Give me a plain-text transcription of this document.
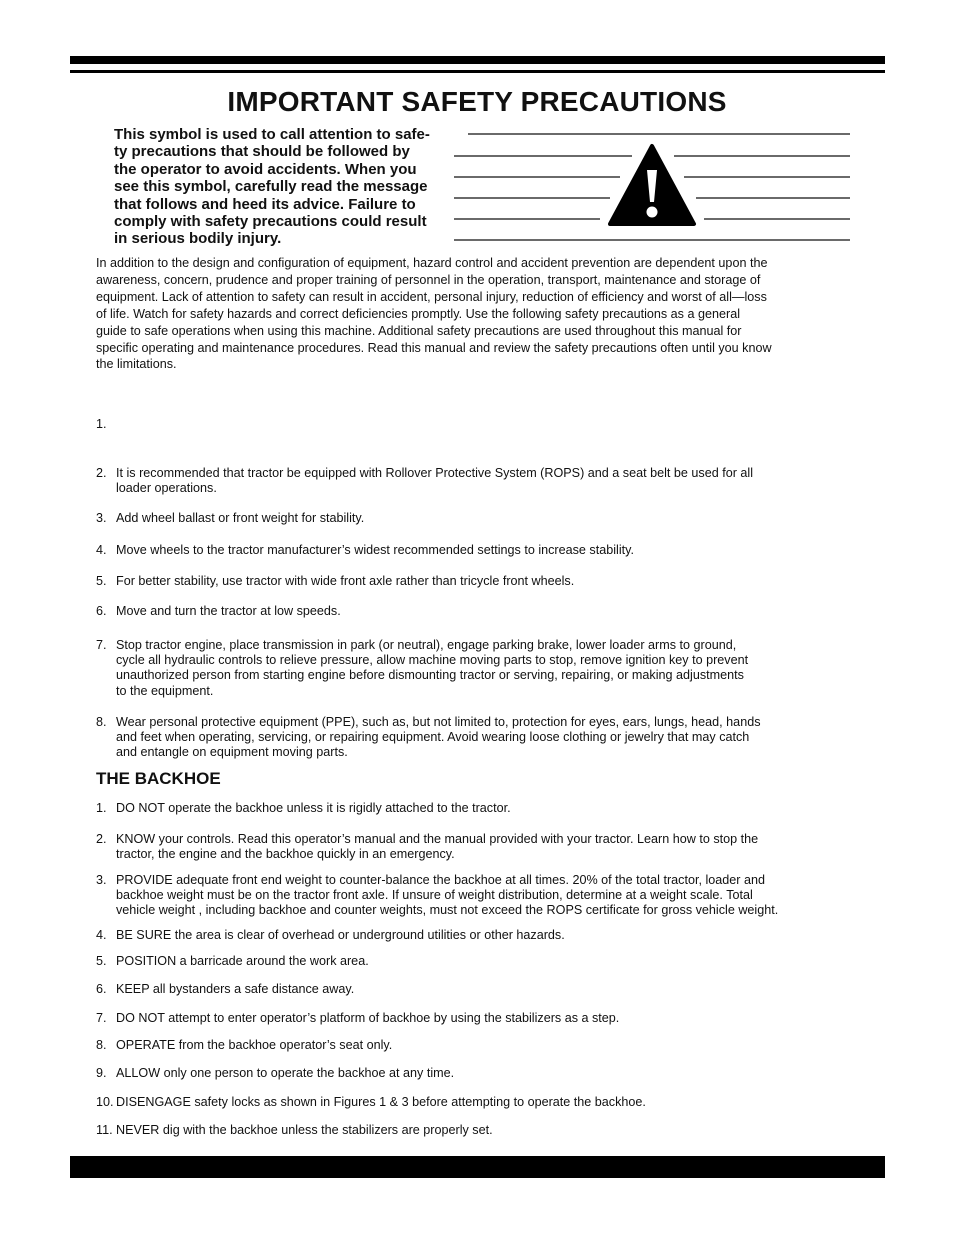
IMPORTANT SAFETY PRECAUTIONS
This symbol is used to call attention to safe-
ty precautions that should be followed by
the operator to avoid accidents. When you
see this symbol, carefully read the message
that follows and heed its advice. Failure to
comply with safety precautions could result
in serious bodily injury.
In addition to the design and configuration of equipment, hazard control and accident prevention are dependent upon the
awareness, concern, prudence and proper training of personnel in the operation, transport, maintenance and storage of
equipment. Lack of attention to safety can result in accident, personal injury, reduction of efficiency and worst of all—loss
of life. Watch for safety hazards and correct deficiencies promptly. Use the following safety precautions as a general
guide to safe operations when using this machine. Additional safety precautions are used throughout this manual for
specific operating and maintenance procedures. Read this manual and review the safety precautions often until you know
the limitations.
1.
2. It is recommended that tractor be equipped with Rollover Protective System (ROPS) and a seat belt be used for all
loader operations.
3. Add wheel ballast or front weight for stability.
4. Move wheels to the tractor manufacturer’s widest recommended settings to increase stability.
5. For better stability, use tractor with wide front axle rather than tricycle front wheels.
6. Move and turn the tractor at low speeds.
7. Stop tractor engine, place transmission in park (or neutral), engage parking brake, lower loader arms to ground,
cycle all hydraulic controls to relieve pressure, allow machine moving parts to stop, remove ignition key to prevent
unauthorized person from starting engine before dismounting tractor or serving, repairing, or making adjustments
to the equipment.
8. Wear personal protective equipment (PPE), such as, but not limited to, protection for eyes, ears, lungs, head, hands
and feet when operating, servicing, or repairing equipment. Avoid wearing loose clothing or jewelry that may catch
and entangle on equipment moving parts.
THE BACKHOE
1. DO NOT operate the backhoe unless it is rigidly attached to the tractor.
2. KNOW your controls. Read this operator’s manual and the manual provided with your tractor. Learn how to stop the
tractor, the engine and the backhoe quickly in an emergency.
3. PROVIDE adequate front end weight to counter-balance the backhoe at all times. 20% of the total tractor, loader and
backhoe weight must be on the tractor front axle. If unsure of weight distribution, determine at a weight scale. Total
vehicle weight , including backhoe and counter weights, must not exceed the ROPS certificate for gross vehicle weight.
4. BE SURE the area is clear of overhead or underground utilities or other hazards.
5. POSITION a barricade around the work area.
6. KEEP all bystanders a safe distance away.
7. DO NOT attempt to enter operator’s platform of backhoe by using the stabilizers as a step.
8. OPERATE from the backhoe operator’s seat only.
9. ALLOW only one person to operate the backhoe at any time.
10. DISENGAGE safety locks as shown in Figures 1 & 3 before attempting to operate the backhoe.
11. NEVER dig with the backhoe unless the stabilizers are properly set.
